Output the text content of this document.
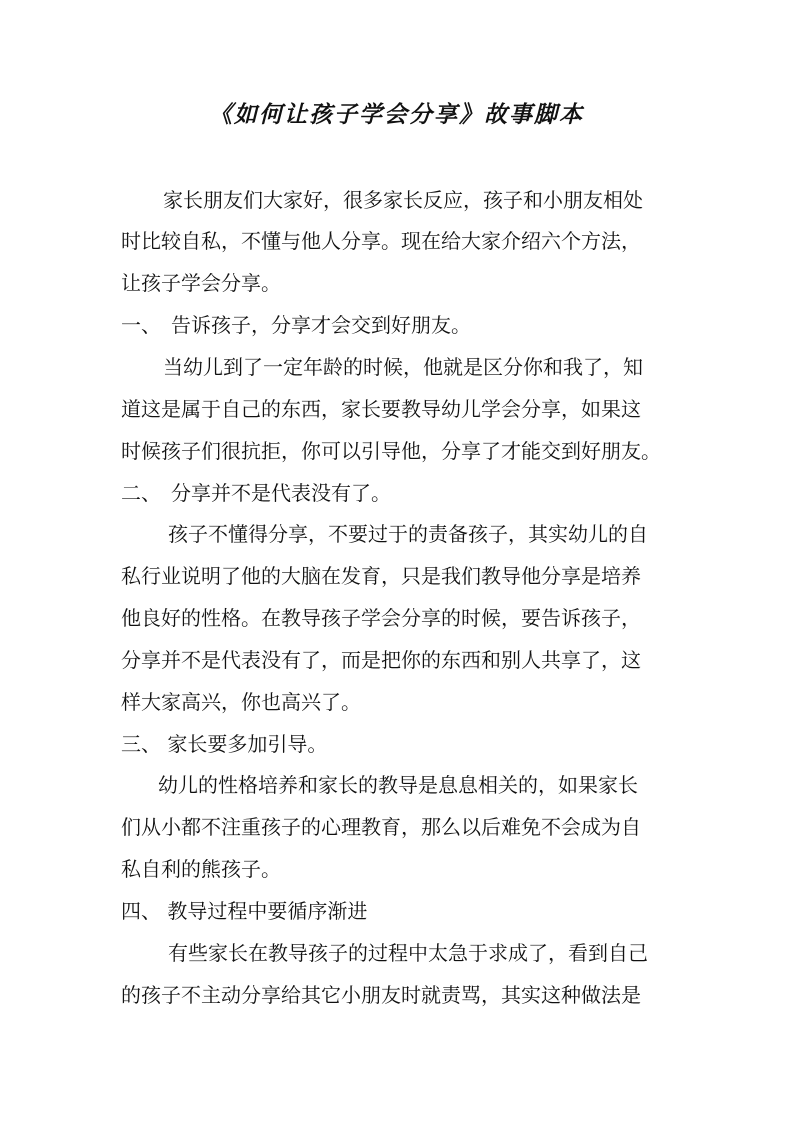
《如何让孩子学会分享》故事脚本
家长朋友们大家好，很多家长反应，孩子和小朋友相处
时比较自私，不懂与他人分享。现在给大家介绍六个方法，
让孩子学会分享。
一、　告诉孩子，分享才会交到好朋友。
当幼儿到了一定年龄的时候，他就是区分你和我了，知
道这是属于自己的东西，家长要教导幼儿学会分享，如果这
时候孩子们很抗拒，你可以引导他，分享了才能交到好朋友。
二、　分享并不是代表没有了。
孩子不懂得分享，不要过于的责备孩子，其实幼儿的自
私行业说明了他的大脑在发育，只是我们教导他分享是培养
他良好的性格。在教导孩子学会分享的时候，要告诉孩子，
分享并不是代表没有了，而是把你的东西和别人共享了，这
样大家高兴，你也高兴了。
三、 家长要多加引导。
幼儿的性格培养和家长的教导是息息相关的，如果家长
们从小都不注重孩子的心理教育，那么以后难免不会成为自
私自利的熊孩子。
四、 教导过程中要循序渐进
有些家长在教导孩子的过程中太急于求成了，看到自己
的孩子不主动分享给其它小朋友时就责骂，其实这种做法是
